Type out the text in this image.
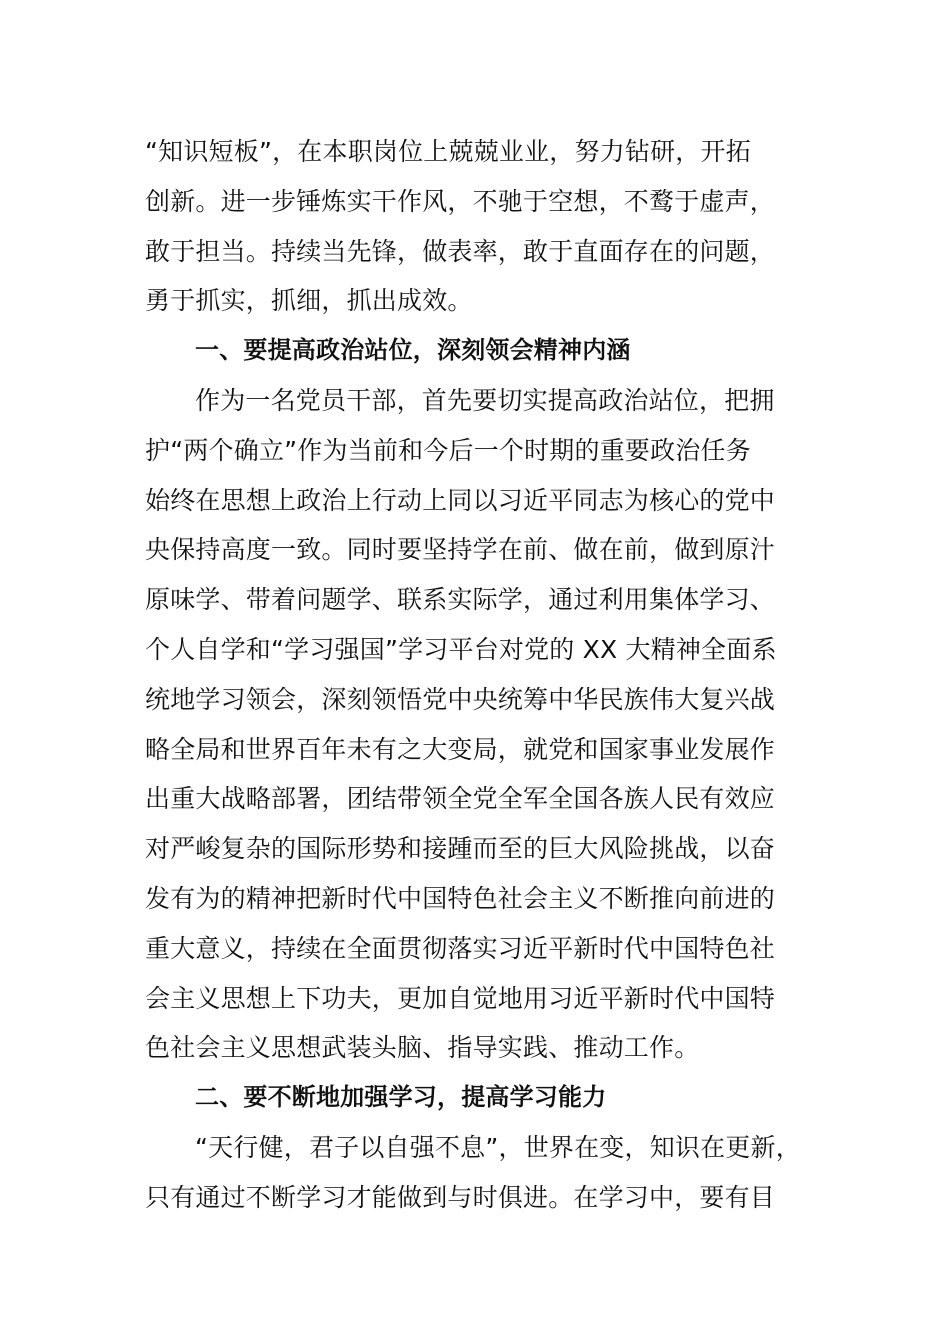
“知识短板”，在本职岗位上兢兢业业，努力钻研，开拓
创新。进一步锤炼实干作风，不驰于空想，不鹜于虚声，
敢于担当。持续当先锋，做表率，敢于直面存在的问题，
勇于抓实，抓细，抓出成效。
一、要提高政治站位，深刻领会精神内涵
作为一名党员干部，首先要切实提高政治站位，把拥
护“两个确立”作为当前和今后一个时期的重要政治任务
始终在思想上政治上行动上同以习近平同志为核心的党中
央保持高度一致。同时要坚持学在前、做在前，做到原汁
原味学、带着问题学、联系实际学，通过利用集体学习、
个人自学和“学习强国”学习平台对党的 XX 大精神全面系
统地学习领会，深刻领悟党中央统筹中华民族伟大复兴战
略全局和世界百年未有之大变局，就党和国家事业发展作
出重大战略部署，团结带领全党全军全国各族人民有效应
对严峻复杂的国际形势和接踵而至的巨大风险挑战，以奋
发有为的精神把新时代中国特色社会主义不断推向前进的
重大意义，持续在全面贯彻落实习近平新时代中国特色社
会主义思想上下功夫，更加自觉地用习近平新时代中国特
色社会主义思想武装头脑、指导实践、推动工作。
二、要不断地加强学习，提高学习能力
“天行健，君子以自强不息”，世界在变，知识在更新，
只有通过不断学习才能做到与时俱进。在学习中，要有目
